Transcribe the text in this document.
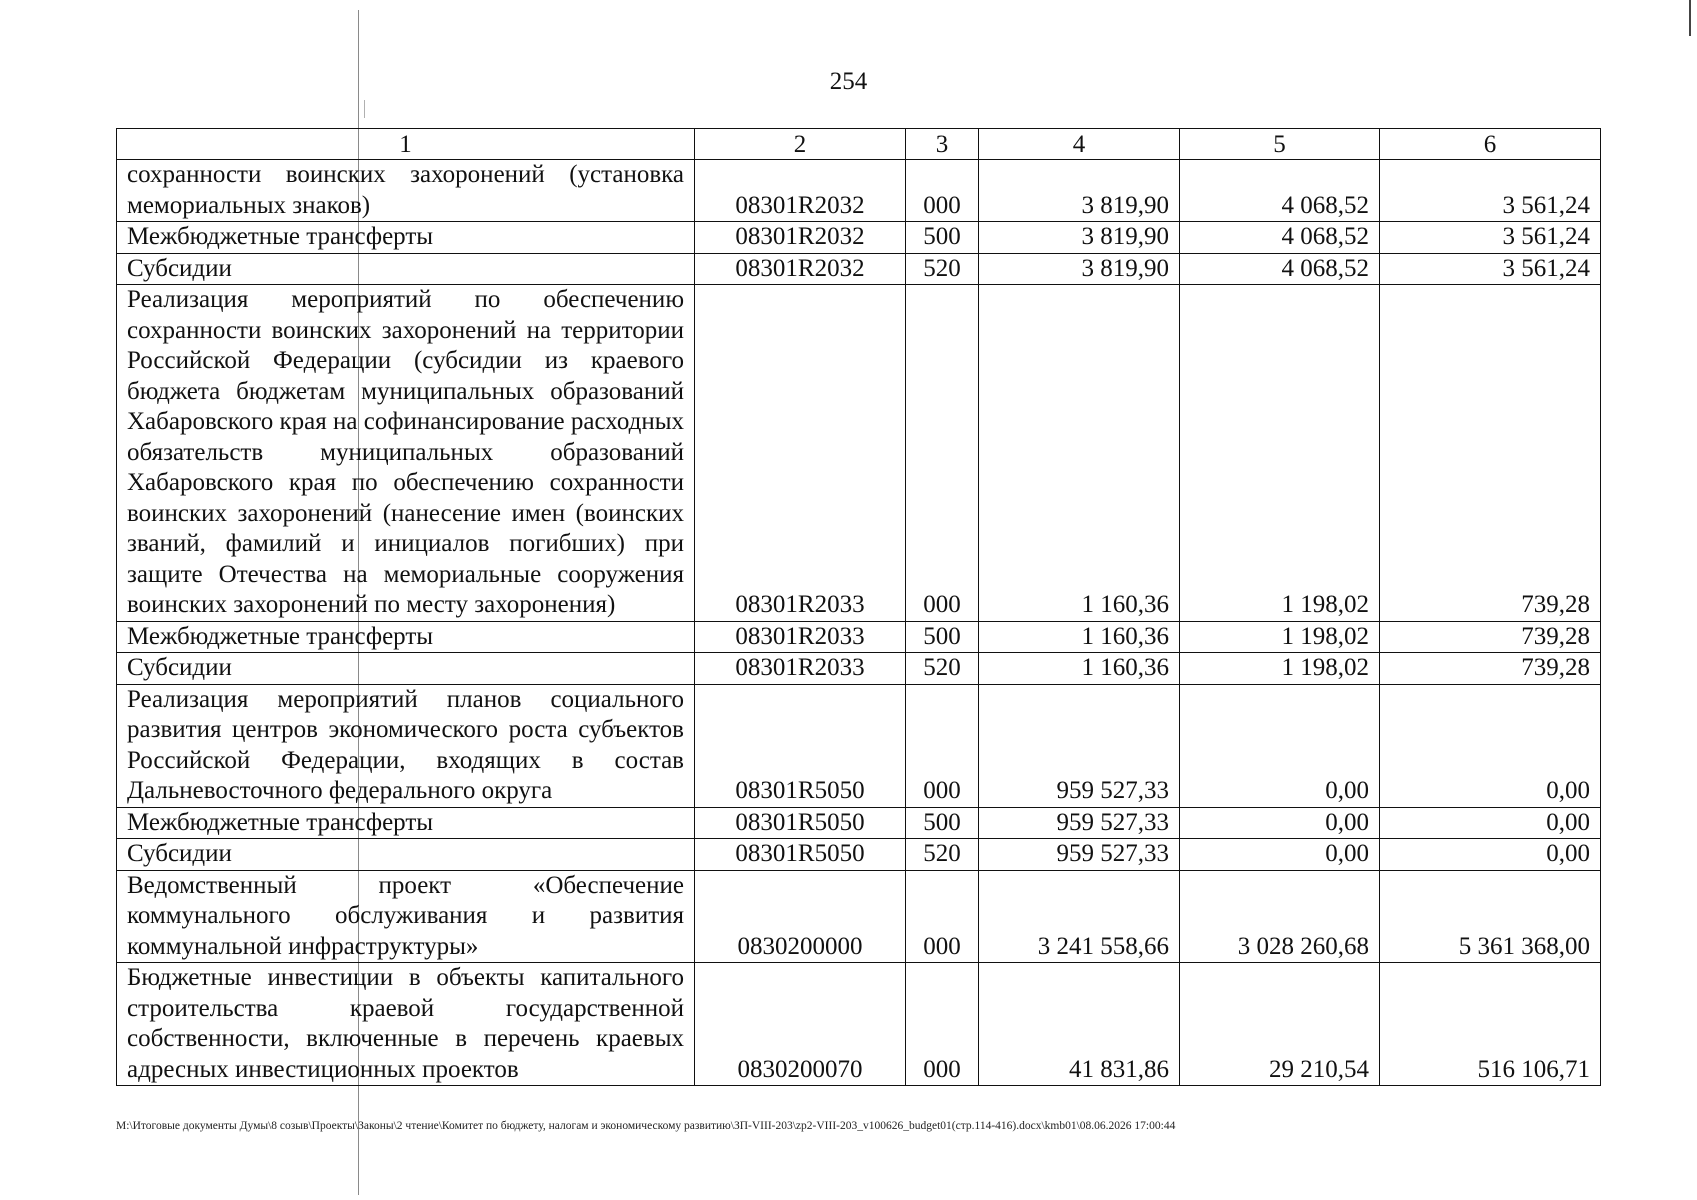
254
1	2	3	4	5	6
сохранности воинских захоронений (установка мемориальных знаков)	08301R2032	000	3 819,90	4 068,52	3 561,24
Межбюджетные трансферты	08301R2032	500	3 819,90	4 068,52	3 561,24
Субсидии	08301R2032	520	3 819,90	4 068,52	3 561,24
Реализация мероприятий по обеспечению сохранности воинских захоронений на территории Российской Федерации (субсидии из краевого бюджета бюджетам муниципальных образований Хабаровского края на софинансирование расходных обязательств муниципальных образований Хабаровского края по обеспечению сохранности воинских захоронений (нанесение имен (воинских званий, фамилий и инициалов погибших) при защите Отечества на мемориальные сооружения воинских захоронений по месту захоронения)	08301R2033	000	1 160,36	1 198,02	739,28
Межбюджетные трансферты	08301R2033	500	1 160,36	1 198,02	739,28
Субсидии	08301R2033	520	1 160,36	1 198,02	739,28
Реализация мероприятий планов социального развития центров экономического роста субъектов Российской Федерации, входящих в состав Дальневосточного федерального округа	08301R5050	000	959 527,33	0,00	0,00
Межбюджетные трансферты	08301R5050	500	959 527,33	0,00	0,00
Субсидии	08301R5050	520	959 527,33	0,00	0,00
Ведомственный проект «Обеспечение коммунального обслуживания и развития коммунальной инфраструктуры»	0830200000	000	3 241 558,66	3 028 260,68	5 361 368,00
Бюджетные инвестиции в объекты капитального строительства краевой государственной собственности, включенные в перечень краевых адресных инвестиционных проектов	0830200070	000	41 831,86	29 210,54	516 106,71
M:\Итоговые документы Думы\8 созыв\Проекты\Законы\2 чтение\Комитет по бюджету, налогам и экономическому развитию\ЗП-VIII-203\zp2-VIII-203_v100626_budget01(стр.114-416).docx\kmb01\08.06.2026 17:00:44
